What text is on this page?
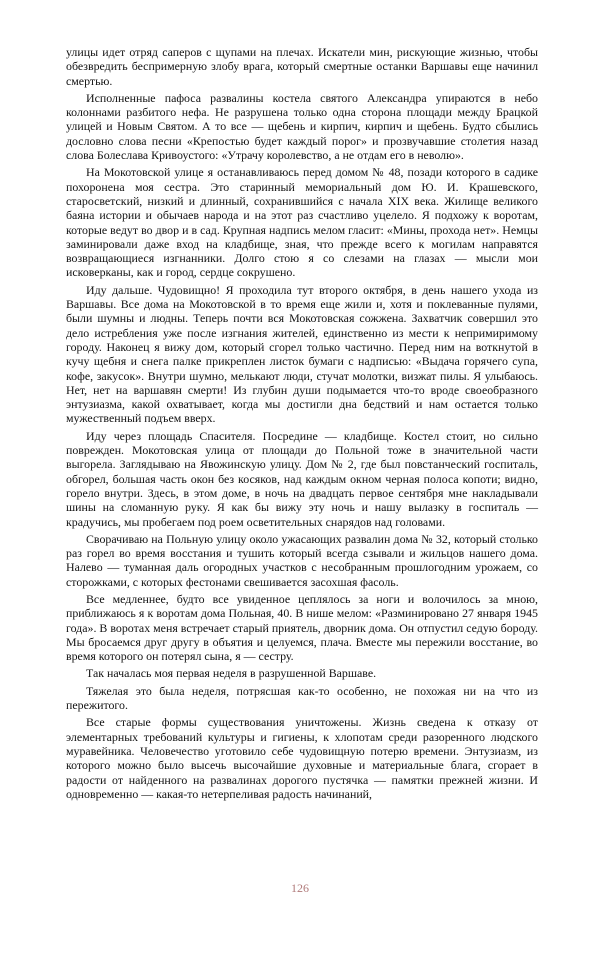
улицы идет отряд саперов с щупами на плечах. Искатели мин, рискующие жизнью, чтобы обезвредить беспримерную злобу врага, который смертные останки Варшавы еще начинил смертью.

Исполненные пафоса развалины костела святого Александра упираются в небо колоннами разбитого нефа. Не разрушена только одна сторона площади между Брацкой улицей и Новым Святом. А то все — щебень и кирпич, кирпич и щебень. Будто сбылись дословно слова песни «Крепостью будет каждый порог» и прозвучавшие столетия назад слова Болеслава Кривоустого: «Утрачу королевство, а не отдам его в неволю».

На Мокотовской улице я останавливаюсь перед домом № 48, позади которого в садике похоронена моя сестра. Это старинный мемориальный дом Ю. И. Крашевского, старосветский, низкий и длинный, сохранившийся с начала XIX века. Жилище великого баяна истории и обычаев народа и на этот раз счастливо уцелело. Я подхожу к воротам, которые ведут во двор и в сад. Крупная надпись мелом гласит: «Мины, прохода нет». Немцы заминировали даже вход на кладбище, зная, что прежде всего к могилам направятся возвращающиеся изгнанники. Долго стою я со слезами на глазах — мысли мои исковерканы, как и город, сердце сокрушено.

Иду дальше. Чудовищно! Я проходила тут второго октября, в день нашего ухода из Варшавы. Все дома на Мокотовской в то время еще жили и, хотя и поклеванные пулями, были шумны и людны. Теперь почти вся Мокотовская сожжена. Захватчик совершил это дело истребления уже после изгнания жителей, единственно из мести к непримиримому городу. Наконец я вижу дом, который сгорел только частично. Перед ним на воткнутой в кучу щебня и снега палке прикреплен листок бумаги с надписью: «Выдача горячего супа, кофе, закусок». Внутри шумно, мелькают люди, стучат молотки, визжат пилы. Я улыбаюсь. Нет, нет на варшавян смерти! Из глубин души подымается что-то вроде своеобразного энтузиазма, какой охватывает, когда мы достигли дна бедствий и нам остается только мужественный подъем вверх.

Иду через площадь Спасителя. Посредине — кладбище. Костел стоит, но сильно поврежден. Мокотовская улица от площади до Польной тоже в значительной части выгорела. Заглядываю на Явожинскую улицу. Дом № 2, где был повстанческий госпиталь, обгорел, большая часть окон без косяков, над каждым окном черная полоса копоти; видно, горело внутри. Здесь, в этом доме, в ночь на двадцать первое сентября мне накладывали шины на сломанную руку. Я как бы вижу эту ночь и нашу вылазку в госпиталь — крадучись, мы пробегаем под роем осветительных снарядов над головами.

Сворачиваю на Польную улицу около ужасающих развалин дома № 32, который столько раз горел во время восстания и тушить который всегда сзывали и жильцов нашего дома. Налево — туманная даль огородных участков с несобранным прошлогодним урожаем, со сторожками, с которых фестонами свешивается засохшая фасоль.

Все медленнее, будто все увиденное цеплялось за ноги и волочилось за мною, приближаюсь я к воротам дома Польная, 40. В нише мелом: «Разминировано 27 января 1945 года». В воротах меня встречает старый приятель, дворник дома. Он отпустил седую бороду. Мы бросаемся друг другу в объятия и целуемся, плача. Вместе мы пережили восстание, во время которого он потерял сына, я — сестру.

Так началась моя первая неделя в разрушенной Варшаве.

Тяжелая это была неделя, потрясшая как-то особенно, не похожая ни на что из пережитого.

Все старые формы существования уничтожены. Жизнь сведена к отказу от элементарных требований культуры и гигиены, к хлопотам среди разоренного людского муравейника. Человечество уготовило себе чудовищную потерю времени. Энтузиазм, из которого можно было высечь высочайшие духовные и материальные блага, сгорает в радости от найденного на развалинах дорогого пустячка — памятки прежней жизни. И одновременно — какая-то нетерпеливая радость начинаний,

126
